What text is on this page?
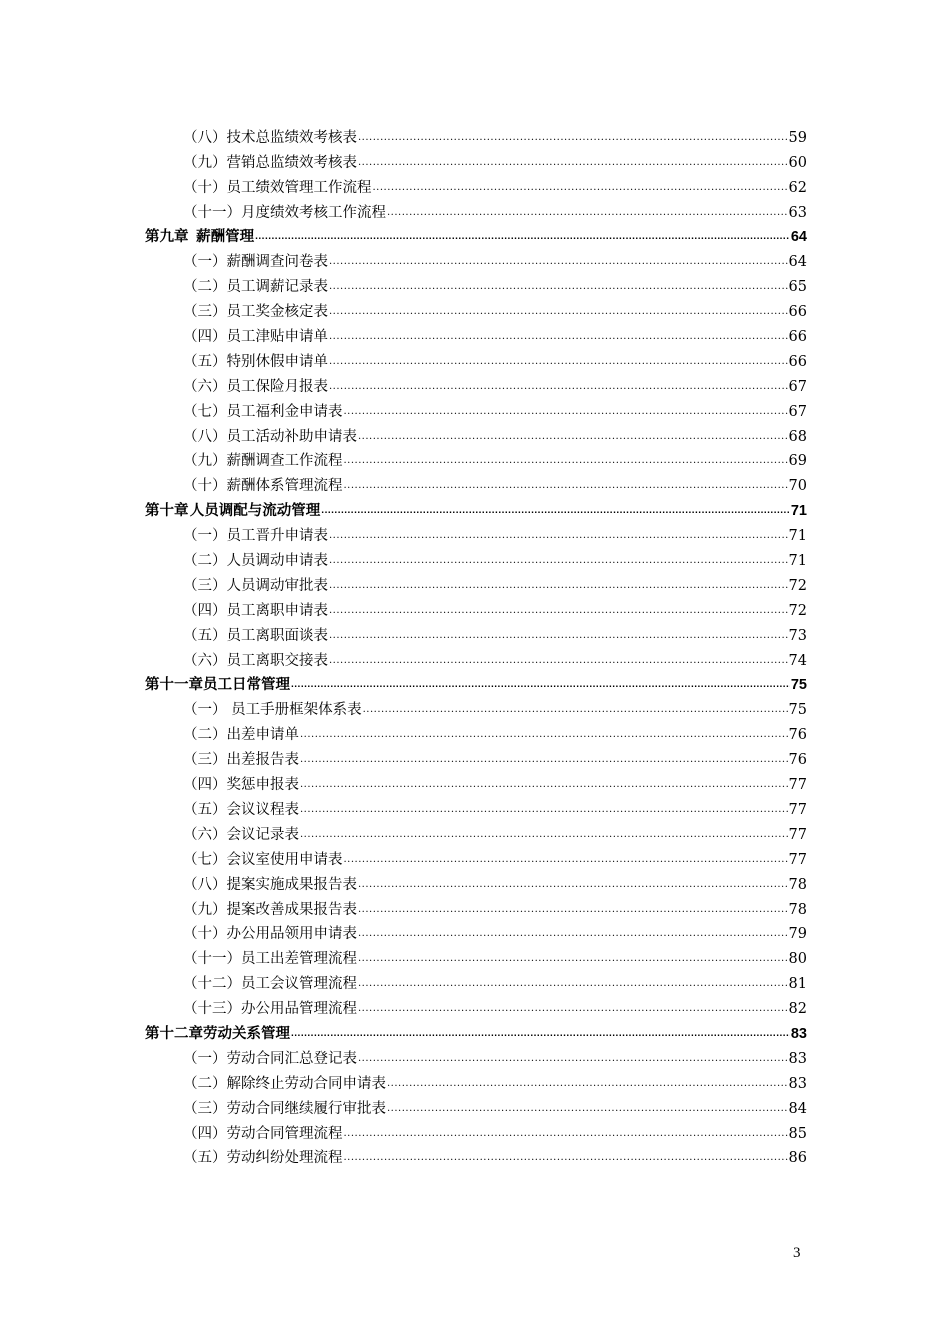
（八）技术总监绩效考核表 .....	59
（九）营销总监绩效考核表 .....	60
（十）员工绩效管理工作流程 .....	62
（十一）月度绩效考核工作流程 .....	63
第九章 薪酬管理 .....	64
（一）薪酬调查问卷表 .....	64
（二）员工调薪记录表 .....	65
（三）员工奖金核定表 .....	66
（四）员工津贴申请单 .....	66
（五）特别休假申请单 .....	66
（六）员工保险月报表 .....	67
（七）员工福利金申请表 .....	67
（八）员工活动补助申请表 .....	68
（九）薪酬调查工作流程 .....	69
（十）薪酬体系管理流程 .....	70
第十章 人员调配与流动管理 .....	71
（一）员工晋升申请表 .....	71
（二）人员调动申请表 .....	71
（三）人员调动审批表 .....	72
（四）员工离职申请表 .....	72
（五）员工离职面谈表 .....	73
（六）员工离职交接表 .....	74
第十一章 员工日常管理 .....	75
（一） 员工手册框架体系表 .....	75
（二）出差申请单 .....	76
（三）出差报告表 .....	76
（四）奖惩申报表 .....	77
（五）会议议程表 .....	77
（六）会议记录表 .....	77
（七）会议室使用申请表 .....	77
（八）提案实施成果报告表 .....	78
（九）提案改善成果报告表 .....	78
（十）办公用品领用申请表 .....	79
（十一）员工出差管理流程 .....	80
（十二）员工会议管理流程 .....	81
（十三）办公用品管理流程 .....	82
第十二章 劳动关系管理 .....	83
（一）劳动合同汇总登记表 .....	83
（二）解除终止劳动合同申请表 .....	83
（三）劳动合同继续履行审批表 .....	84
（四）劳动合同管理流程 .....	85
（五）劳动纠纷处理流程 .....	86
3
